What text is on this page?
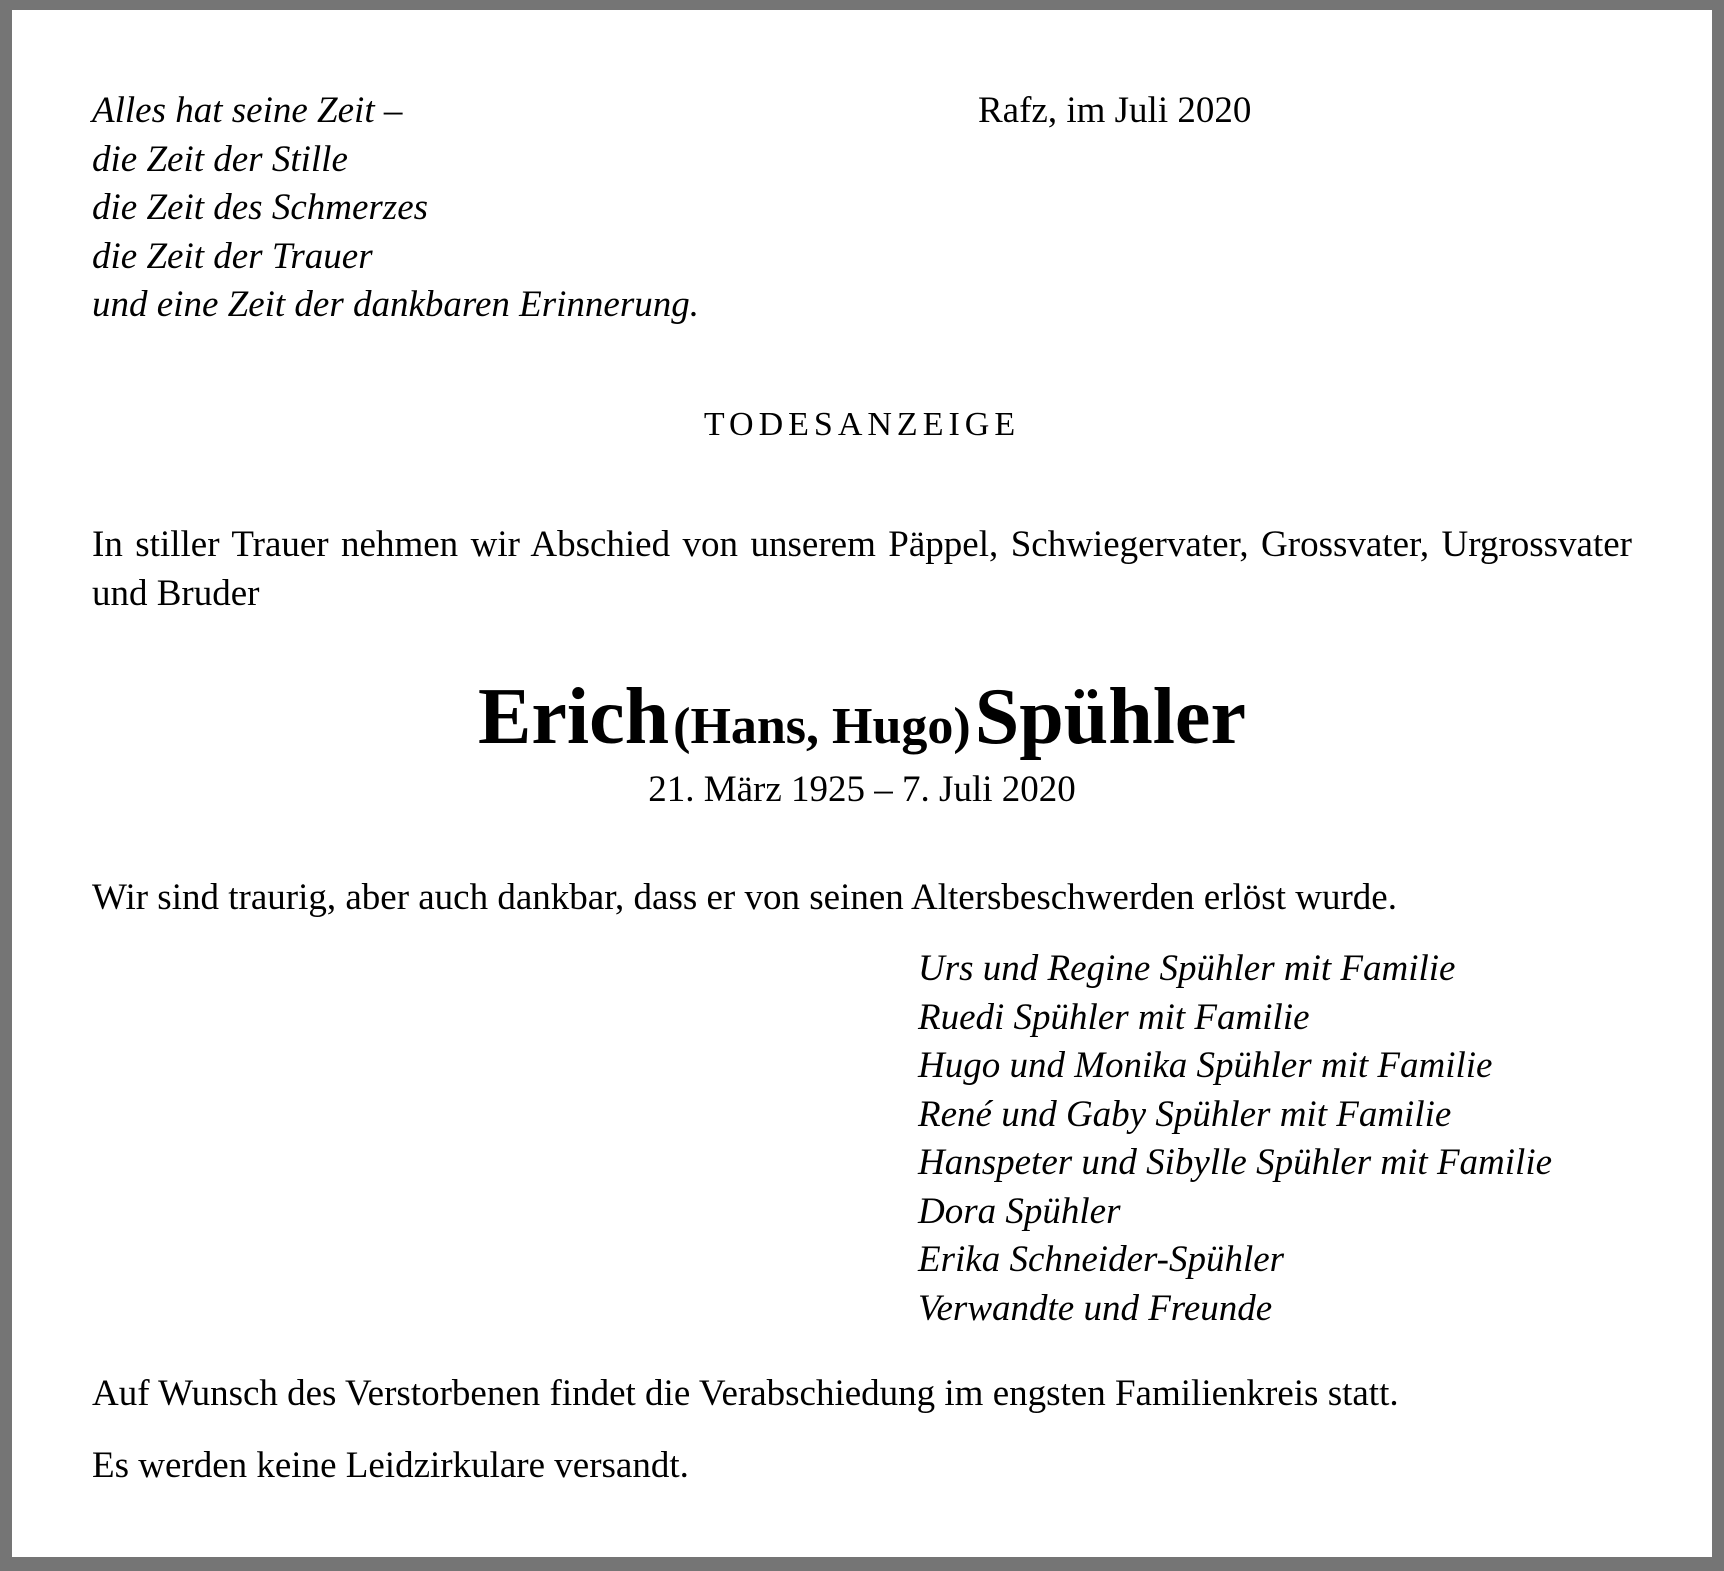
Alles hat seine Zeit –
die Zeit der Stille
die Zeit des Schmerzes
die Zeit der Trauer
und eine Zeit der dankbaren Erinnerung.
Rafz, im Juli 2020
TODESANZEIGE
In stiller Trauer nehmen wir Abschied von unserem Päppel, Schwiegervater, Grossvater, Urgrossvater und Bruder
Erich (Hans, Hugo) Spühler
21. März 1925 – 7. Juli 2020
Wir sind traurig, aber auch dankbar, dass er von seinen Altersbeschwerden erlöst wurde.
Urs und Regine Spühler mit Familie
Ruedi Spühler mit Familie
Hugo und Monika Spühler mit Familie
René und Gaby Spühler mit Familie
Hanspeter und Sibylle Spühler mit Familie
Dora Spühler
Erika Schneider-Spühler
Verwandte und Freunde
Auf Wunsch des Verstorbenen findet die Verabschiedung im engsten Familienkreis statt.
Es werden keine Leidzirkulare versandt.
